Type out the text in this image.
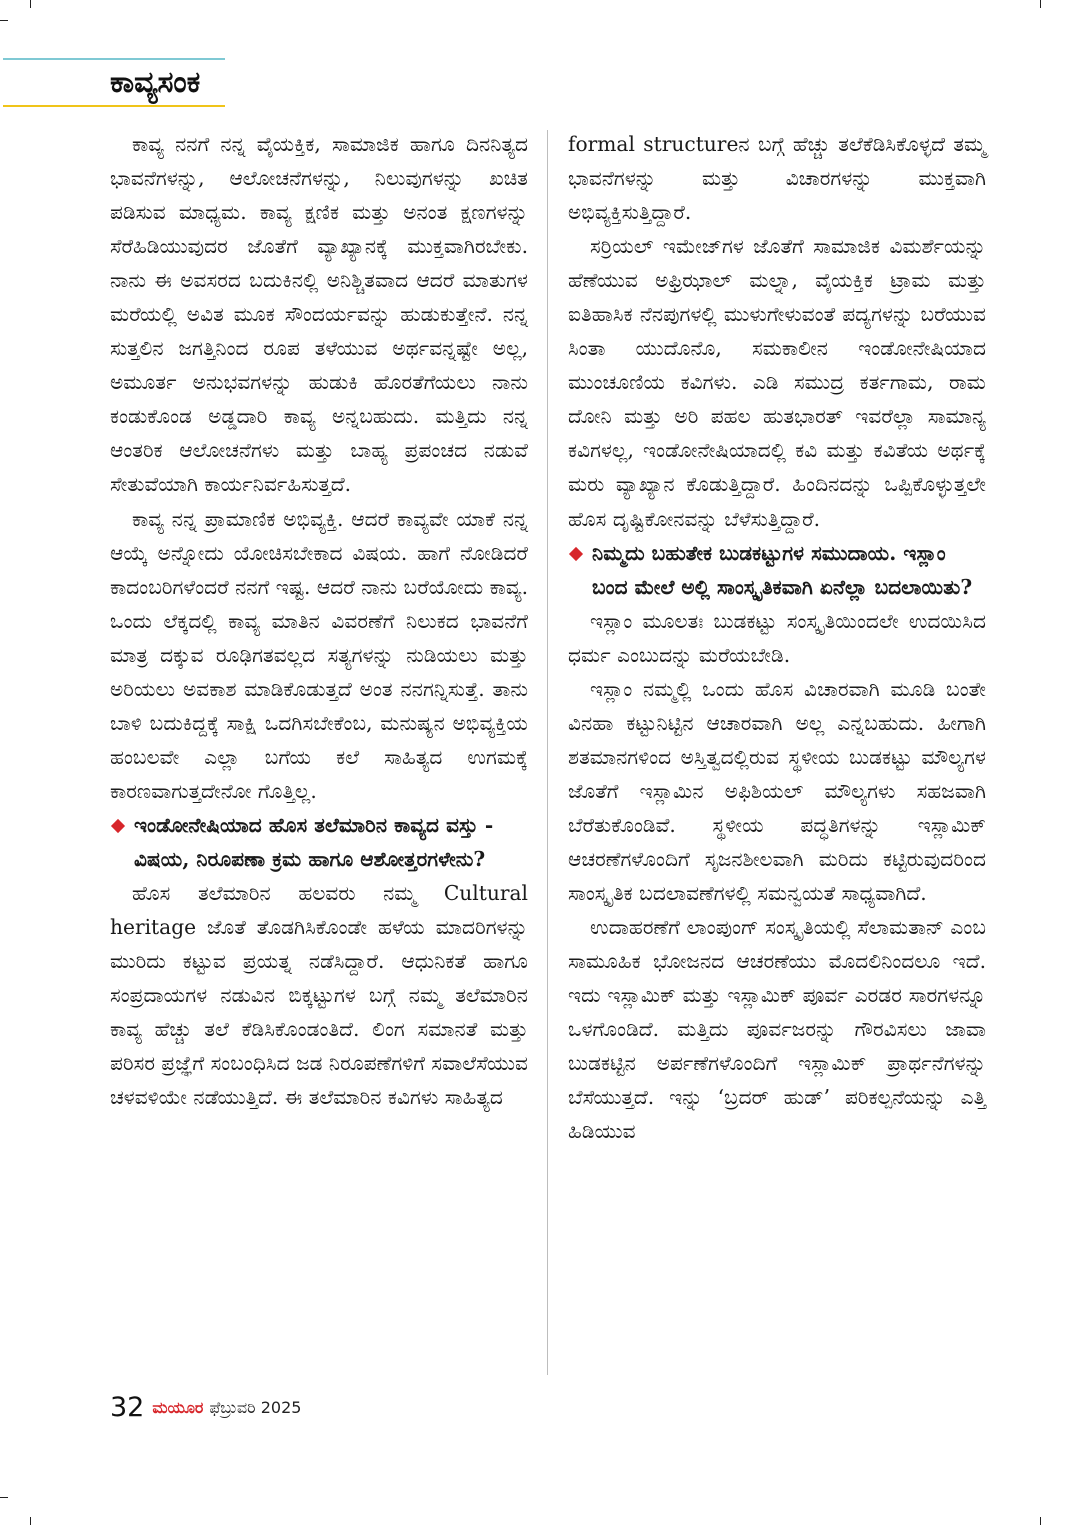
ಕಾವ್ಯಸಂಕ

ಕಾವ್ಯ ನನಗೆ ನನ್ನ ವೈಯಕ್ತಿಕ, ಸಾಮಾಜಿಕ ಹಾಗೂ ದಿನನಿತ್ಯದ ಭಾವನೆಗಳನ್ನು, ಆಲೋಚನೆಗಳನ್ನು, ನಿಲುವುಗಳನ್ನು ಖಚಿತ ಪಡಿಸುವ ಮಾಧ್ಯಮ. ಕಾವ್ಯ ಕ್ಷಣಿಕ ಮತ್ತು ಅನಂತ ಕ್ಷಣಗಳನ್ನು ಸೆರೆಹಿಡಿಯುವುದರ ಜೊತೆಗೆ ವ್ಯಾಖ್ಯಾನಕ್ಕೆ ಮುಕ್ತವಾಗಿರಬೇಕು. ನಾನು ಈ ಅವಸರದ ಬದುಕಿನಲ್ಲಿ ಅನಿಶ್ಚಿತವಾದ ಆದರೆ ಮಾತುಗಳ ಮರೆಯಲ್ಲಿ ಅವಿತ ಮೂಕ ಸೌಂದರ್ಯವನ್ನು ಹುಡುಕುತ್ತೇನೆ. ನನ್ನ ಸುತ್ತಲಿನ ಜಗತ್ತಿನಿಂದ ರೂಪ ತಳೆಯುವ ಅರ್ಥವನ್ನಷ್ಟೇ ಅಲ್ಲ, ಅಮೂರ್ತ ಅನುಭವಗಳನ್ನು ಹುಡುಕಿ ಹೊರತೆಗೆಯಲು ನಾನು ಕಂಡುಕೊಂಡ ಅಡ್ಡದಾರಿ ಕಾವ್ಯ ಅನ್ನಬಹುದು. ಮತ್ತಿದು ನನ್ನ ಆಂತರಿಕ ಆಲೋಚನೆಗಳು ಮತ್ತು ಬಾಹ್ಯ ಪ್ರಪಂಚದ ನಡುವೆ ಸೇತುವೆಯಾಗಿ ಕಾರ್ಯನಿರ್ವಹಿಸುತ್ತದೆ.

ಕಾವ್ಯ ನನ್ನ ಪ್ರಾಮಾಣಿಕ ಅಭಿವ್ಯಕ್ತಿ. ಆದರೆ ಕಾವ್ಯವೇ ಯಾಕೆ ನನ್ನ ಆಯ್ಕೆ ಅನ್ನೋದು ಯೋಚಿಸಬೇಕಾದ ವಿಷಯ. ಹಾಗೆ ನೋಡಿದರೆ ಕಾದಂಬರಿಗಳೆಂದರೆ ನನಗೆ ಇಷ್ಟ. ಆದರೆ ನಾನು ಬರೆಯೋದು ಕಾವ್ಯ. ಒಂದು ಲೆಕ್ಕದಲ್ಲಿ ಕಾವ್ಯ ಮಾತಿನ ವಿವರಣೆಗೆ ನಿಲುಕದ ಭಾವನೆಗೆ ಮಾತ್ರ ದಕ್ಕುವ ರೂಢಿಗತವಲ್ಲದ ಸತ್ಯಗಳನ್ನು ನುಡಿಯಲು ಮತ್ತು ಅರಿಯಲು ಅವಕಾಶ ಮಾಡಿಕೊಡುತ್ತದೆ ಅಂತ ನನಗನ್ನಿಸುತ್ತೆ. ತಾನು ಬಾಳಿ ಬದುಕಿದ್ದಕ್ಕೆ ಸಾಕ್ಷಿ ಒದಗಿಸಬೇಕೆಂಬ, ಮನುಷ್ಯನ ಅಭಿವ್ಯಕ್ತಿಯ ಹಂಬಲವೇ ಎಲ್ಲಾ ಬಗೆಯ ಕಲೆ ಸಾಹಿತ್ಯದ ಉಗಮಕ್ಕೆ ಕಾರಣವಾಗುತ್ತದೇನೋ ಗೊತ್ತಿಲ್ಲ.

ಇಂಡೋನೇಷಿಯಾದ ಹೊಸ ತಲೆಮಾರಿನ ಕಾವ್ಯದ ವಸ್ತು - ವಿಷಯ, ನಿರೂಪಣಾ ಕ್ರಮ ಹಾಗೂ ಆಶೋತ್ತರಗಳೇನು?

ಹೊಸ ತಲೆಮಾರಿನ ಹಲವರು ನಮ್ಮ Cultural heritage ಜೊತೆ ತೊಡಗಿಸಿಕೊಂಡೇ ಹಳೆಯ ಮಾದರಿಗಳನ್ನು ಮುರಿದು ಕಟ್ಟುವ ಪ್ರಯತ್ನ ನಡೆಸಿದ್ದಾರೆ. ಆಧುನಿಕತೆ ಹಾಗೂ ಸಂಪ್ರದಾಯಗಳ ನಡುವಿನ ಬಿಕ್ಕಟ್ಟುಗಳ ಬಗ್ಗೆ ನಮ್ಮ ತಲೆಮಾರಿನ ಕಾವ್ಯ ಹೆಚ್ಚು ತಲೆ ಕೆಡಿಸಿಕೊಂಡಂತಿದೆ. ಲಿಂಗ ಸಮಾನತೆ ಮತ್ತು ಪರಿಸರ ಪ್ರಜ್ಞೆಗೆ ಸಂಬಂಧಿಸಿದ ಜಡ ನಿರೂಪಣೆಗಳಿಗೆ ಸವಾಲೆಸೆಯುವ ಚಳವಳಿಯೇ ನಡೆಯುತ್ತಿದೆ. ಈ ತಲೆಮಾರಿನ ಕವಿಗಳು ಸಾಹಿತ್ಯದ

formal structureನ ಬಗ್ಗೆ ಹೆಚ್ಚು ತಲೆಕೆಡಿಸಿಕೊಳ್ಳದೆ ತಮ್ಮ ಭಾವನೆಗಳನ್ನು ಮತ್ತು ವಿಚಾರಗಳನ್ನು ಮುಕ್ತವಾಗಿ ಅಭಿವ್ಯಕ್ತಿಸುತ್ತಿದ್ದಾರೆ.

ಸರ್ರಿಯಲ್ ಇಮೇಜ್‌ಗಳ ಜೊತೆಗೆ ಸಾಮಾಜಿಕ ವಿಮರ್ಶೆಯನ್ನು ಹೆಣೆಯುವ ಅಫ್ರಿಝಾಲ್ ಮಲ್ನಾ, ವೈಯಕ್ತಿಕ ಟ್ರಾಮ ಮತ್ತು ಐತಿಹಾಸಿಕ ನೆನಪುಗಳಲ್ಲಿ ಮುಳುಗೇಳುವಂತೆ ಪದ್ಯಗಳನ್ನು ಬರೆಯುವ ಸಿಂತಾ ಯುದೊನೊ, ಸಮಕಾಲೀನ ಇಂಡೋನೇಷಿಯಾದ ಮುಂಚೂಣಿಯ ಕವಿಗಳು. ಎಡಿ ಸಮುದ್ರ ಕರ್ತಗಾಮ, ರಾಮ ದೋನಿ ಮತ್ತು ಅರಿ ಪಹಲ ಹುತಭಾರತ್ ಇವರೆಲ್ಲಾ ಸಾಮಾನ್ಯ ಕವಿಗಳಲ್ಲ, ಇಂಡೋನೇಷಿಯಾದಲ್ಲಿ ಕವಿ ಮತ್ತು ಕವಿತೆಯ ಅರ್ಥಕ್ಕೆ ಮರು ವ್ಯಾಖ್ಯಾನ ಕೊಡುತ್ತಿದ್ದಾರೆ. ಹಿಂದಿನದನ್ನು ಒಪ್ಪಿಕೊಳ್ಳುತ್ತಲೇ ಹೊಸ ದೃಷ್ಟಿಕೋನವನ್ನು ಬೆಳೆಸುತ್ತಿದ್ದಾರೆ.

ನಿಮ್ಮದು ಬಹುತೇಕ ಬುಡಕಟ್ಟುಗಳ ಸಮುದಾಯ. ಇಸ್ಲಾಂ ಬಂದ ಮೇಲೆ ಅಲ್ಲಿ ಸಾಂಸ್ಕೃತಿಕವಾಗಿ ಏನೆಲ್ಲಾ ಬದಲಾಯಿತು?

ಇಸ್ಲಾಂ ಮೂಲತಃ ಬುಡಕಟ್ಟು ಸಂಸ್ಕೃತಿಯಿಂದಲೇ ಉದಯಿಸಿದ ಧರ್ಮ ಎಂಬುದನ್ನು ಮರೆಯಬೇಡಿ.

ಇಸ್ಲಾಂ ನಮ್ಮಲ್ಲಿ ಒಂದು ಹೊಸ ವಿಚಾರವಾಗಿ ಮೂಡಿ ಬಂತೇ ವಿನಹಾ ಕಟ್ಟುನಿಟ್ಟಿನ ಆಚಾರವಾಗಿ ಅಲ್ಲ ಎನ್ನಬಹುದು. ಹೀಗಾಗಿ ಶತಮಾನಗಳಿಂದ ಅಸ್ತಿತ್ವದಲ್ಲಿರುವ ಸ್ಥಳೀಯ ಬುಡಕಟ್ಟು ಮೌಲ್ಯಗಳ ಜೊತೆಗೆ ಇಸ್ಲಾಮಿನ ಅಫಿಶಿಯಲ್ ಮೌಲ್ಯಗಳು ಸಹಜವಾಗಿ ಬೆರೆತುಕೊಂಡಿವೆ. ಸ್ಥಳೀಯ ಪದ್ಧತಿಗಳನ್ನು ಇಸ್ಲಾಮಿಕ್ ಆಚರಣೆಗಳೊಂದಿಗೆ ಸೃಜನಶೀಲವಾಗಿ ಮರಿದು ಕಟ್ಟಿರುವುದರಿಂದ ಸಾಂಸ್ಕೃತಿಕ ಬದಲಾವಣೆಗಳಲ್ಲಿ ಸಮನ್ವಯತೆ ಸಾಧ್ಯವಾಗಿದೆ.

ಉದಾಹರಣೆಗೆ ಲಾಂಪುಂಗ್ ಸಂಸ್ಕೃತಿಯಲ್ಲಿ ಸೆಲಾಮತಾನ್ ಎಂಬ ಸಾಮೂಹಿಕ ಭೋಜನದ ಆಚರಣೆಯು ಮೊದಲಿನಿಂದಲೂ ಇದೆ. ಇದು ಇಸ್ಲಾಮಿಕ್ ಮತ್ತು ಇಸ್ಲಾಮಿಕ್ ಪೂರ್ವ ಎರಡರ ಸಾರಗಳನ್ನೂ ಒಳಗೊಂಡಿದೆ. ಮತ್ತಿದು ಪೂರ್ವಜರನ್ನು ಗೌರವಿಸಲು ಜಾವಾ ಬುಡಕಟ್ಟಿನ ಅರ್ಪಣೆಗಳೊಂದಿಗೆ ಇಸ್ಲಾಮಿಕ್ ಪ್ರಾರ್ಥನೆಗಳನ್ನು ಬೆಸೆಯುತ್ತದೆ. ಇನ್ನು ‘ಬ್ರದರ್ ಹುಡ್’ ಪರಿಕಲ್ಪನೆಯನ್ನು ಎತ್ತಿ ಹಿಡಿಯುವ

32 ಮಯೂರ ಫೆಬ್ರುವರಿ 2025
